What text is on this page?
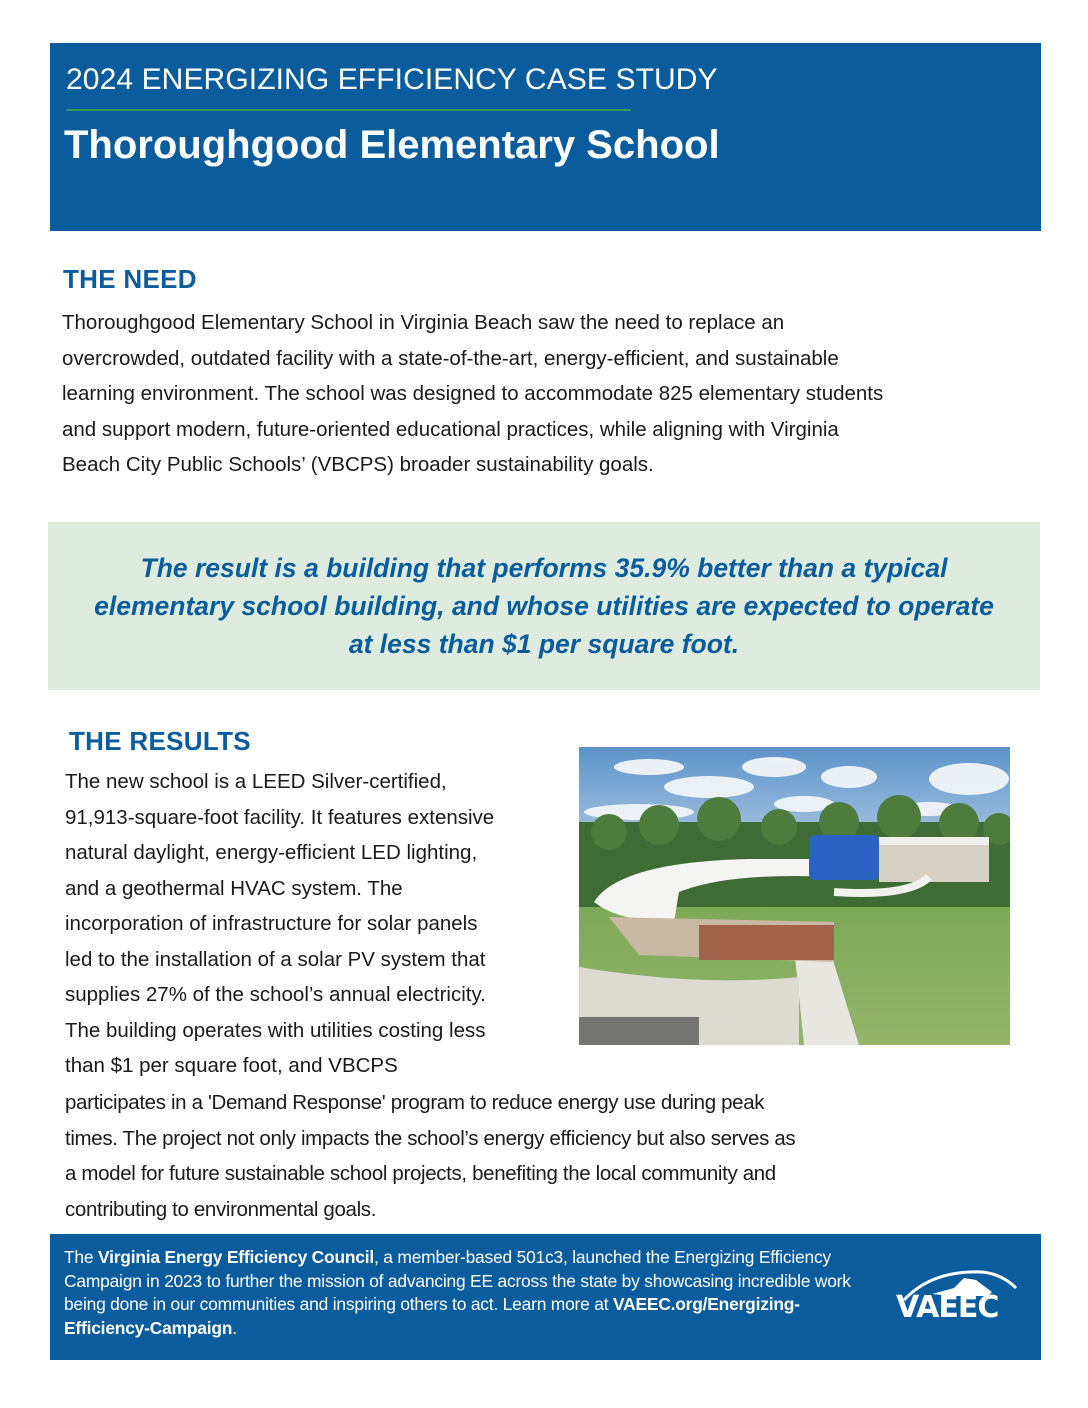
2024 ENERGIZING EFFICIENCY CASE STUDY
Thoroughgood Elementary School
THE NEED
Thoroughgood Elementary School in Virginia Beach saw the need to replace an
overcrowded, outdated facility with a state-of-the-art, energy-efficient, and sustainable
learning environment. The school was designed to accommodate 825 elementary students
and support modern, future-oriented educational practices, while aligning with Virginia
Beach City Public Schools’ (VBCPS) broader sustainability goals.

The result is a building that performs 35.9% better than a typical
elementary school building, and whose utilities are expected to operate
at less than $1 per square foot.

THE RESULTS
The new school is a LEED Silver-certified,
91,913-square-foot facility. It features extensive
natural daylight, energy-efficient LED lighting,
and a geothermal HVAC system. The
incorporation of infrastructure for solar panels
led to the installation of a solar PV system that
supplies 27% of the school’s annual electricity.
The building operates with utilities costing less
than $1 per square foot, and VBCPS
participates in a 'Demand Response' program to reduce energy use during peak
times. The project not only impacts the school’s energy efficiency but also serves as
a model for future sustainable school projects, benefiting the local community and
contributing to environmental goals.
The Virginia Energy Efficiency Council, a member-based 501c3, launched the Energizing Efficiency Campaign in 2023 to further the mission of advancing EE across the state by showcasing incredible work being done in our communities and inspiring others to act. Learn more at VAEEC.org/Energizing-Efficiency-Campaign.
VAEEC
